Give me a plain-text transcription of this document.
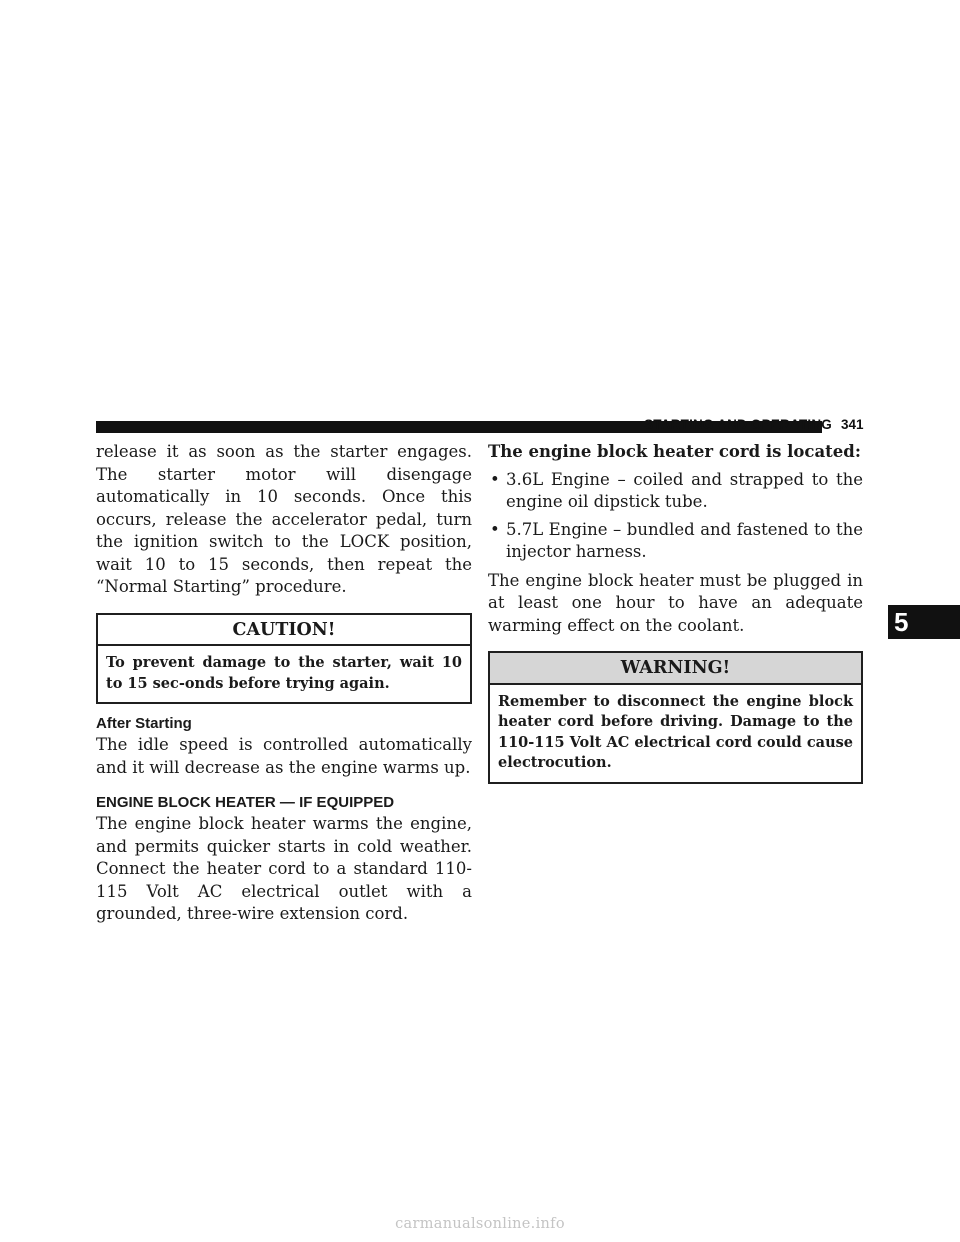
STARTING AND OPERATING 341

release it as soon as the starter engages. The starter motor will disengage automatically in 10 seconds. Once this occurs, release the accelerator pedal, turn the ignition switch to the LOCK position, wait 10 to 15 seconds, then repeat the “Normal Starting” procedure.

CAUTION!
To prevent damage to the starter, wait 10 to 15 sec-onds before trying again.
After Starting

The idle speed is controlled automatically and it will decrease as the engine warms up.

ENGINE BLOCK HEATER — IF EQUIPPED

The engine block heater warms the engine, and permits quicker starts in cold weather. Connect the heater cord to a standard 110-115 Volt AC electrical outlet with a grounded, three-wire extension cord.

The engine block heater cord is located:

• 3.6L Engine – coiled and strapped to the engine oil dipstick tube.
• 5.7L Engine – bundled and fastened to the injector harness.

The engine block heater must be plugged in at least one hour to have an adequate warming effect on the coolant.

WARNING!
Remember to disconnect the engine block heater cord before driving. Damage to the 110-115 Volt AC electrical cord could cause electrocution.
5
carmanualsonline.info
